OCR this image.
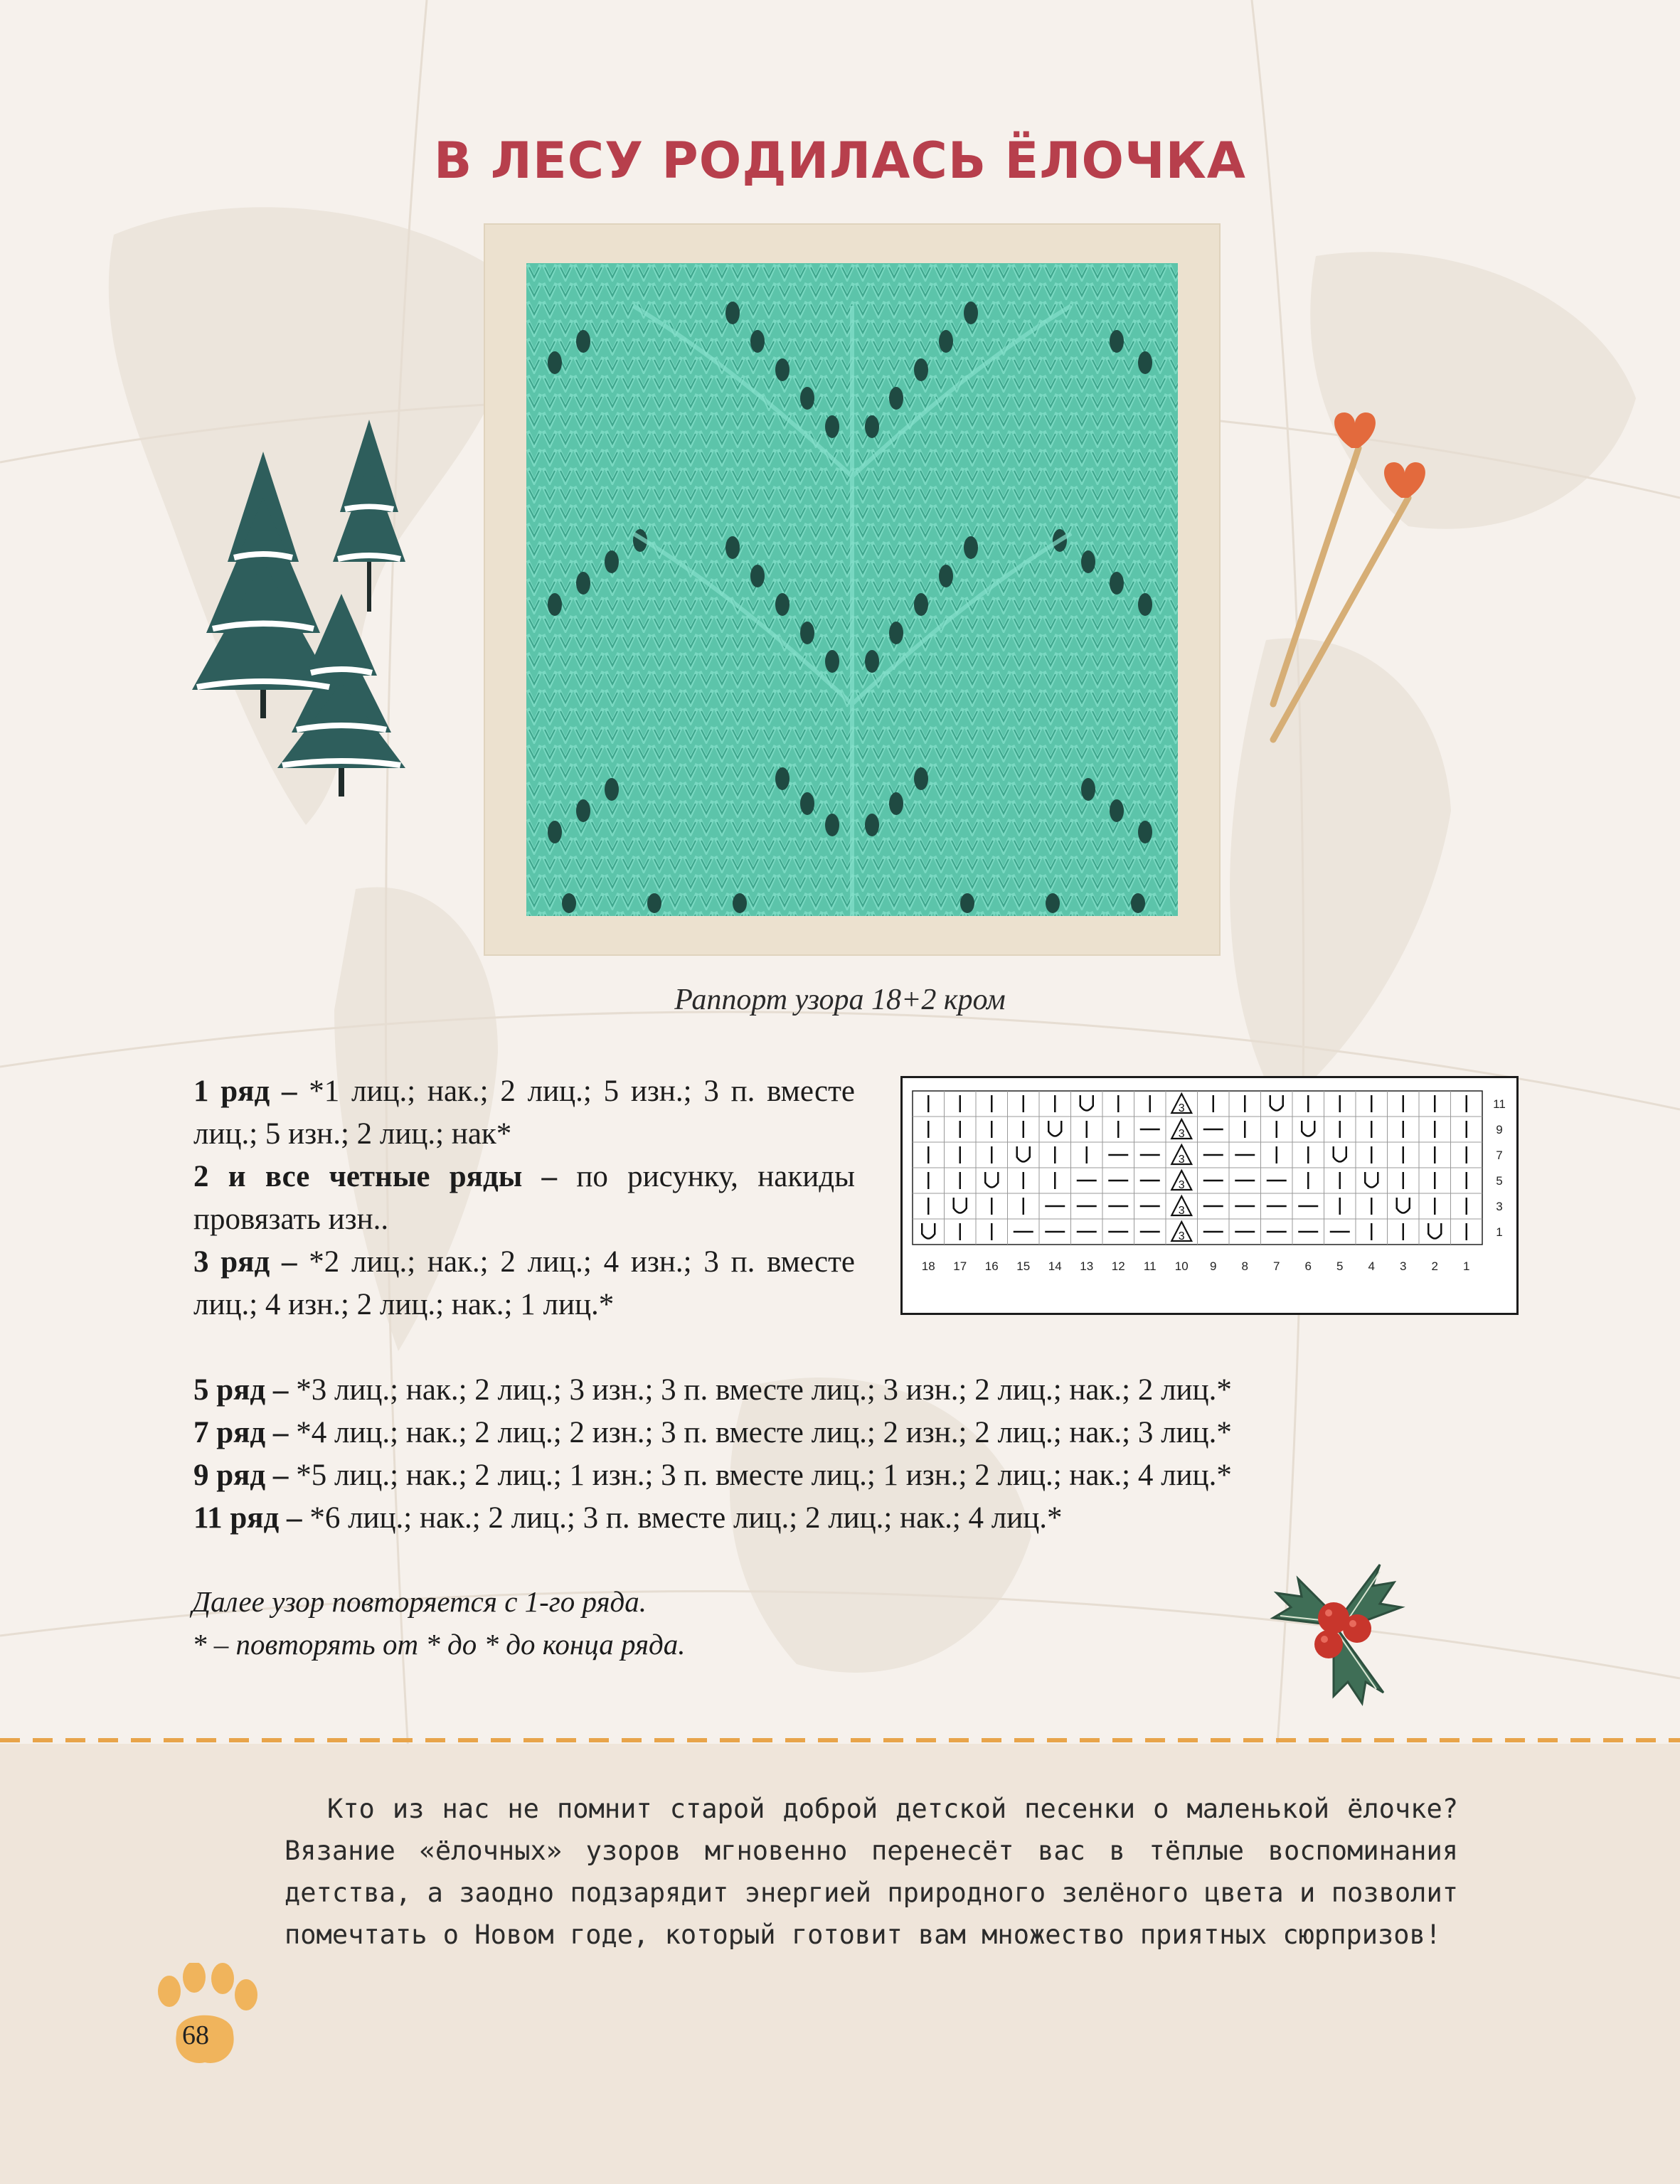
В ЛЕСУ РОДИЛАСЬ ЁЛОЧКА
Раппорт узора 18+2 кром
1 ряд – *1 лиц.; нак.; 2 лиц.; 5 изн.; 3 п. вместе лиц.; 5 изн.; 2 лиц.; нак*
2 и все четные ряды – по рисунку, накиды провязать изн..
3 ряд – *2 лиц.; нак.; 2 лиц.; 4 изн.; 3 п. вместе лиц.; 4 изн.; 2 лиц.; нак.; 1 лиц.*
5 ряд – *3 лиц.; нак.; 2 лиц.; 3 изн.; 3 п. вместе лиц.; 3 изн.; 2 лиц.; нак.; 2 лиц.*
7 ряд – *4 лиц.; нак.; 2 лиц.; 2 изн.; 3 п. вместе лиц.; 2 изн.; 2 лиц.; нак.; 3 лиц.*
9 ряд – *5 лиц.; нак.; 2 лиц.; 1 изн.; 3 п. вместе лиц.; 1 изн.; 2 лиц.; нак.; 4 лиц.*
11 ряд – *6 лиц.; нак.; 2 лиц.; 3 п. вместе лиц.; 2 лиц.; нак.; 4 лиц.*
3
3
3
3
3
3
11
9
7
5
3
1
18 17 16 15 14 13 12 11 10 9 8 7 6 5 4 3 2 1
Далее узор повторяется с 1-го ряда.
* – повторять от * до * до конца ряда.
Кто из нас не помнит старой доброй детской песенки о маленькой ёлочке? Вязание «ёлочных» узоров мгновенно перенесёт вас в тёплые воспоминания детства, а заодно подзарядит энергией природного зелёного цвета и позволит помечтать о Новом годе, который готовит вам множество приятных сюрпризов!
68
